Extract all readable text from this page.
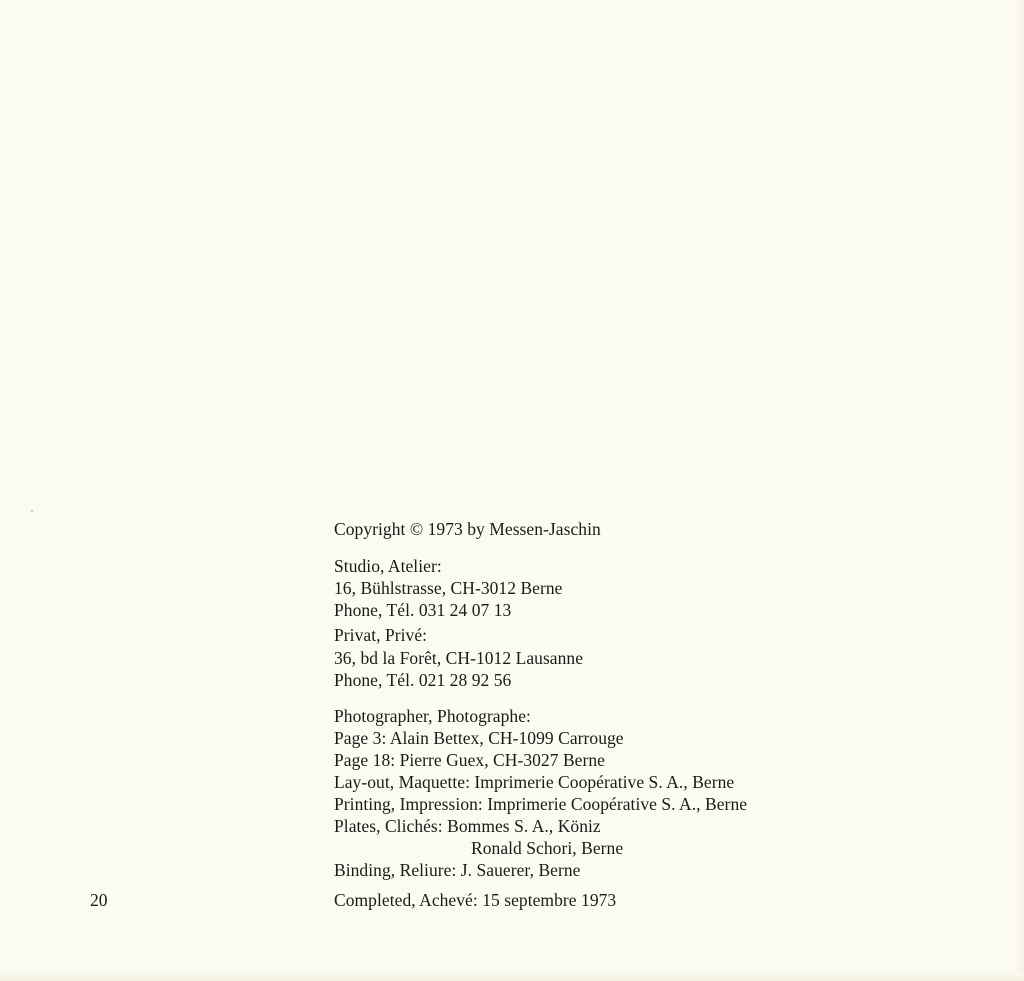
Copyright © 1973 by Messen-Jaschin
Studio, Atelier:
16, Bühlstrasse, CH-3012 Berne
Phone, Tél. 031 24 07 13
Privat, Privé:
36, bd la Forêt, CH-1012 Lausanne
Phone, Tél. 021 28 92 56
Photographer, Photographe:
Page 3: Alain Bettex, CH-1099 Carrouge
Page 18: Pierre Guex, CH-3027 Berne
Lay-out, Maquette: Imprimerie Coopérative S. A., Berne
Printing, Impression: Imprimerie Coopérative S. A., Berne
Plates, Clichés: Bommes S. A., Köniz
Ronald Schori, Berne
Binding, Reliure: J. Sauerer, Berne
20	Completed, Achevé: 15 septembre 1973
